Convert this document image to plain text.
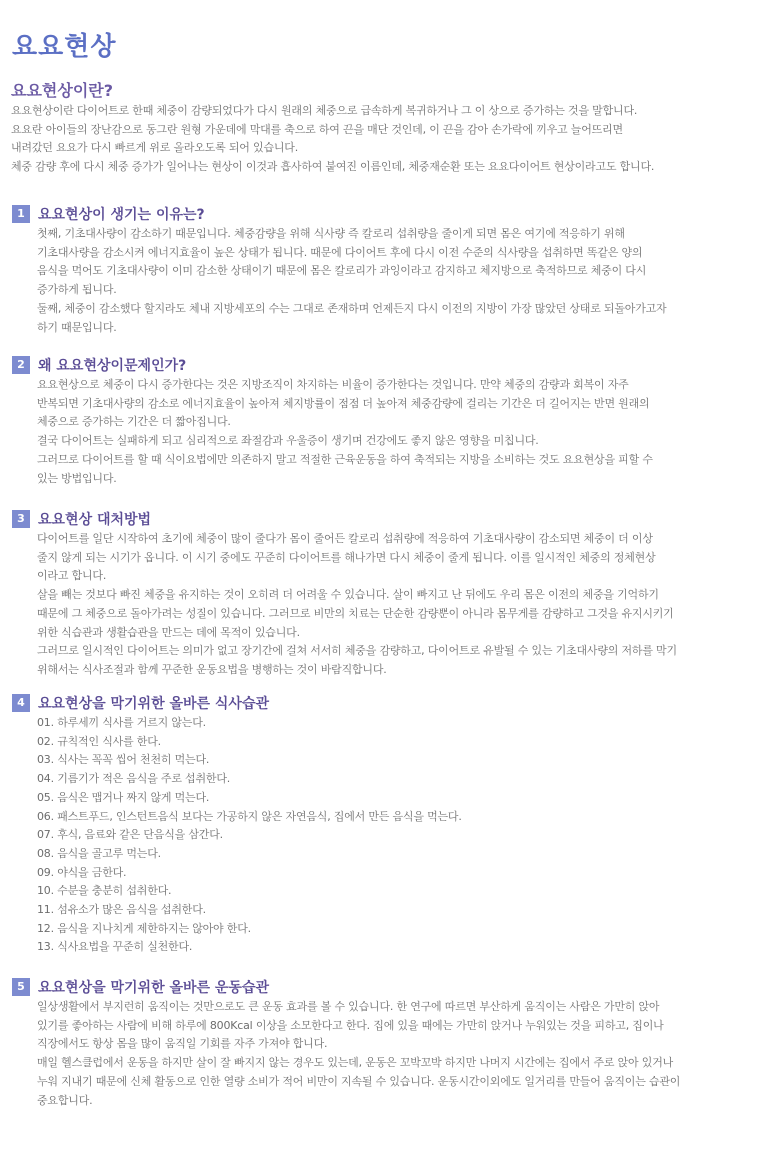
요요현상
요요현상이란?
요요현상이란 다이어트로 한때 체중이 감량되었다가 다시 원래의 체중으로 급속하게 복귀하거나 그 이 상으로 증가하는 것을 말합니다.
요요란 아이들의 장난감으로 동그란 원형 가운데에 막대를 축으로 하여 끈을 매단 것인데, 이 끈을 감아 손가락에 끼우고 늘어뜨리면
내려갔던 요요가 다시 빠르게 위로 올라오도록 되어 있습니다.
체중 감량 후에 다시 체중 증가가 일어나는 현상이 이것과 흡사하여 붙여진 이름인데, 체중재순환 또는 요요다이어트 현상이라고도 합니다.
1 요요현상이 생기는 이유는?
첫째, 기초대사량이 감소하기 때문입니다. 체중감량을 위해 식사량 즉 칼로리 섭취량을 줄이게 되면 몸은 여기에 적응하기 위해
기초대사량을 감소시켜 에너지효율이 높은 상태가 됩니다. 때문에 다이어트 후에 다시 이전 수준의 식사량을 섭취하면 똑같은 양의
음식을 먹어도 기초대사량이 이미 감소한 상태이기 때문에 몸은 칼로리가 과잉이라고 감지하고 체지방으로 축적하므로 체중이 다시
증가하게 됩니다.
둘째, 체중이 감소했다 할지라도 체내 지방세포의 수는 그대로 존재하며 언제든지 다시 이전의 지방이 가장 많았던 상태로 되돌아가고자
하기 때문입니다.
2 왜 요요현상이문제인가?
요요현상으로 체중이 다시 증가한다는 것은 지방조직이 차지하는 비율이 증가한다는 것입니다. 만약 체중의 감량과 회복이 자주
반복되면 기초대사량의 감소로 에너지효율이 높아져 체지방률이 점점 더 높아져 체중감량에 걸리는 기간은 더 길어지는 반면 원래의
체중으로 증가하는 기간은 더 짧아집니다.
결국 다이어트는 실패하게 되고 심리적으로 좌절감과 우울증이 생기며 건강에도 좋지 않은 영향을 미칩니다.
그러므로 다이어트를 할 때 식이요법에만 의존하지 말고 적절한 근육운동을 하여 축적되는 지방을 소비하는 것도 요요현상을 피할 수
있는 방법입니다.
3 요요현상 대처방법
다이어트를 일단 시작하여 초기에 체중이 많이 줄다가 몸이 줄어든 칼로리 섭취량에 적응하여 기초대사량이 감소되면 체중이 더 이상
줄지 않게 되는 시기가 옵니다. 이 시기 중에도 꾸준히 다이어트를 해나가면 다시 체중이 줄게 됩니다. 이를 일시적인 체중의 정체현상
이라고 합니다.
살을 빼는 것보다 빠진 체중을 유지하는 것이 오히려 더 어려울 수 있습니다. 살이 빠지고 난 뒤에도 우리 몸은 이전의 체중을 기억하기
때문에 그 체중으로 돌아가려는 성질이 있습니다. 그러므로 비만의 치료는 단순한 감량뿐이 아니라 몸무게를 감량하고 그것을 유지시키기
위한 식습관과 생활습관을 만드는 데에 목적이 있습니다.
그러므로 일시적인 다이어트는 의미가 없고 장기간에 걸쳐 서서히 체중을 감량하고, 다이어트로 유발될 수 있는 기초대사량의 저하를 막기
위해서는 식사조절과 함께 꾸준한 운동요법을 병행하는 것이 바람직합니다.
4 요요현상을 막기위한 올바른 식사습관
01. 하루세끼 식사를 거르지 않는다.
02. 규칙적인 식사를 한다.
03. 식사는 꼭꼭 씹어 천천히 먹는다.
04. 기름기가 적은 음식을 주로 섭취한다.
05. 음식은 맵거나 짜지 않게 먹는다.
06. 패스트푸드, 인스턴트음식 보다는 가공하지 않은 자연음식, 집에서 만든 음식을 먹는다.
07. 후식, 음료와 같은 단음식을 삼간다.
08. 음식을 골고루 먹는다.
09. 야식을 금한다.
10. 수분을 충분히 섭취한다.
11. 섬유소가 많은 음식을 섭취한다.
12. 음식을 지나치게 제한하지는 않아야 한다.
13. 식사요법을 꾸준히 실천한다.
5 요요현상을 막기위한 올바른 운동습관
일상생활에서 부지런히 움직이는 것만으로도 큰 운동 효과를 볼 수 있습니다. 한 연구에 따르면 부산하게 움직이는 사람은 가만히 앉아
있기를 좋아하는 사람에 비해 하루에 800Kcal 이상을 소모한다고 한다. 집에 있을 때에는 가만히 앉거나 누워있는 것을 피하고, 집이나
직장에서도 항상 몸을 많이 움직일 기회를 자주 가져야 합니다.
매일 헬스클럽에서 운동을 하지만 살이 잘 빠지지 않는 경우도 있는데, 운동은 꼬박꼬박 하지만 나머지 시간에는 집에서 주로 앉아 있거나
누워 지내기 때문에 신체 활동으로 인한 열량 소비가 적어 비만이 지속될 수 있습니다. 운동시간이외에도 일거리를 만들어 움직이는 습관이
중요합니다.
